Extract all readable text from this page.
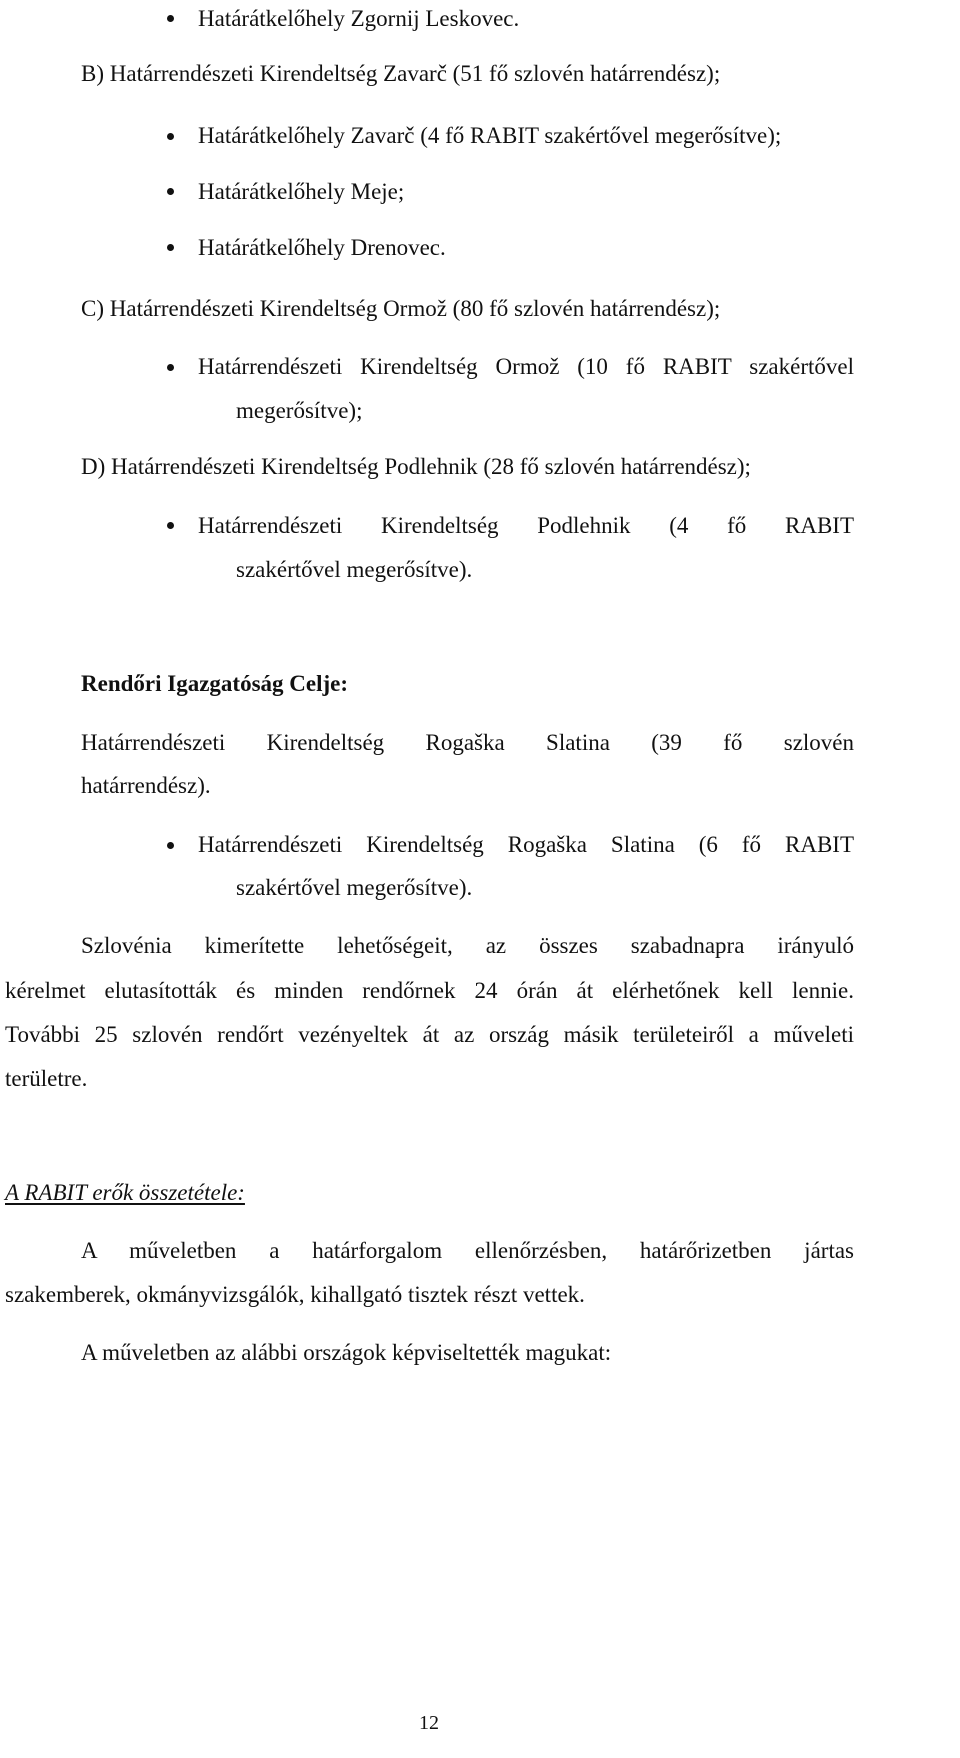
Határátkelőhely Zgornij Leskovec.
B) Határrendészeti Kirendeltség Zavarč (51 fő szlovén határrendész);
Határátkelőhely Zavarč (4 fő RABIT szakértővel megerősítve);
Határátkelőhely Meje;
Határátkelőhely Drenovec.
C) Határrendészeti Kirendeltség Ormož (80 fő szlovén határrendész);
Határrendészeti Kirendeltség Ormož (10 fő RABIT szakértővel
megerősítve);
D) Határrendészeti Kirendeltség Podlehnik (28 fő szlovén határrendész);
Határrendészeti Kirendeltség Podlehnik (4 fő RABIT
szakértővel megerősítve).
Rendőri Igazgatóság Celje:
Határrendészeti Kirendeltség Rogaška Slatina (39 fő szlovén
határrendész).
Határrendészeti Kirendeltség Rogaška Slatina (6 fő RABIT
szakértővel megerősítve).
Szlovénia kimerítette lehetőségeit, az összes szabadnapra irányuló
kérelmet elutasították és minden rendőrnek 24 órán át elérhetőnek kell lennie.
További 25 szlovén rendőrt vezényeltek át az ország másik területeiről a műveleti
területre.
A RABIT erők összetétele:
A műveletben a határforgalom ellenőrzésben, határőrizetben jártas
szakemberek, okmányvizsgálók, kihallgató tisztek részt vettek.
A műveletben az alábbi országok képviseltették magukat:
12
